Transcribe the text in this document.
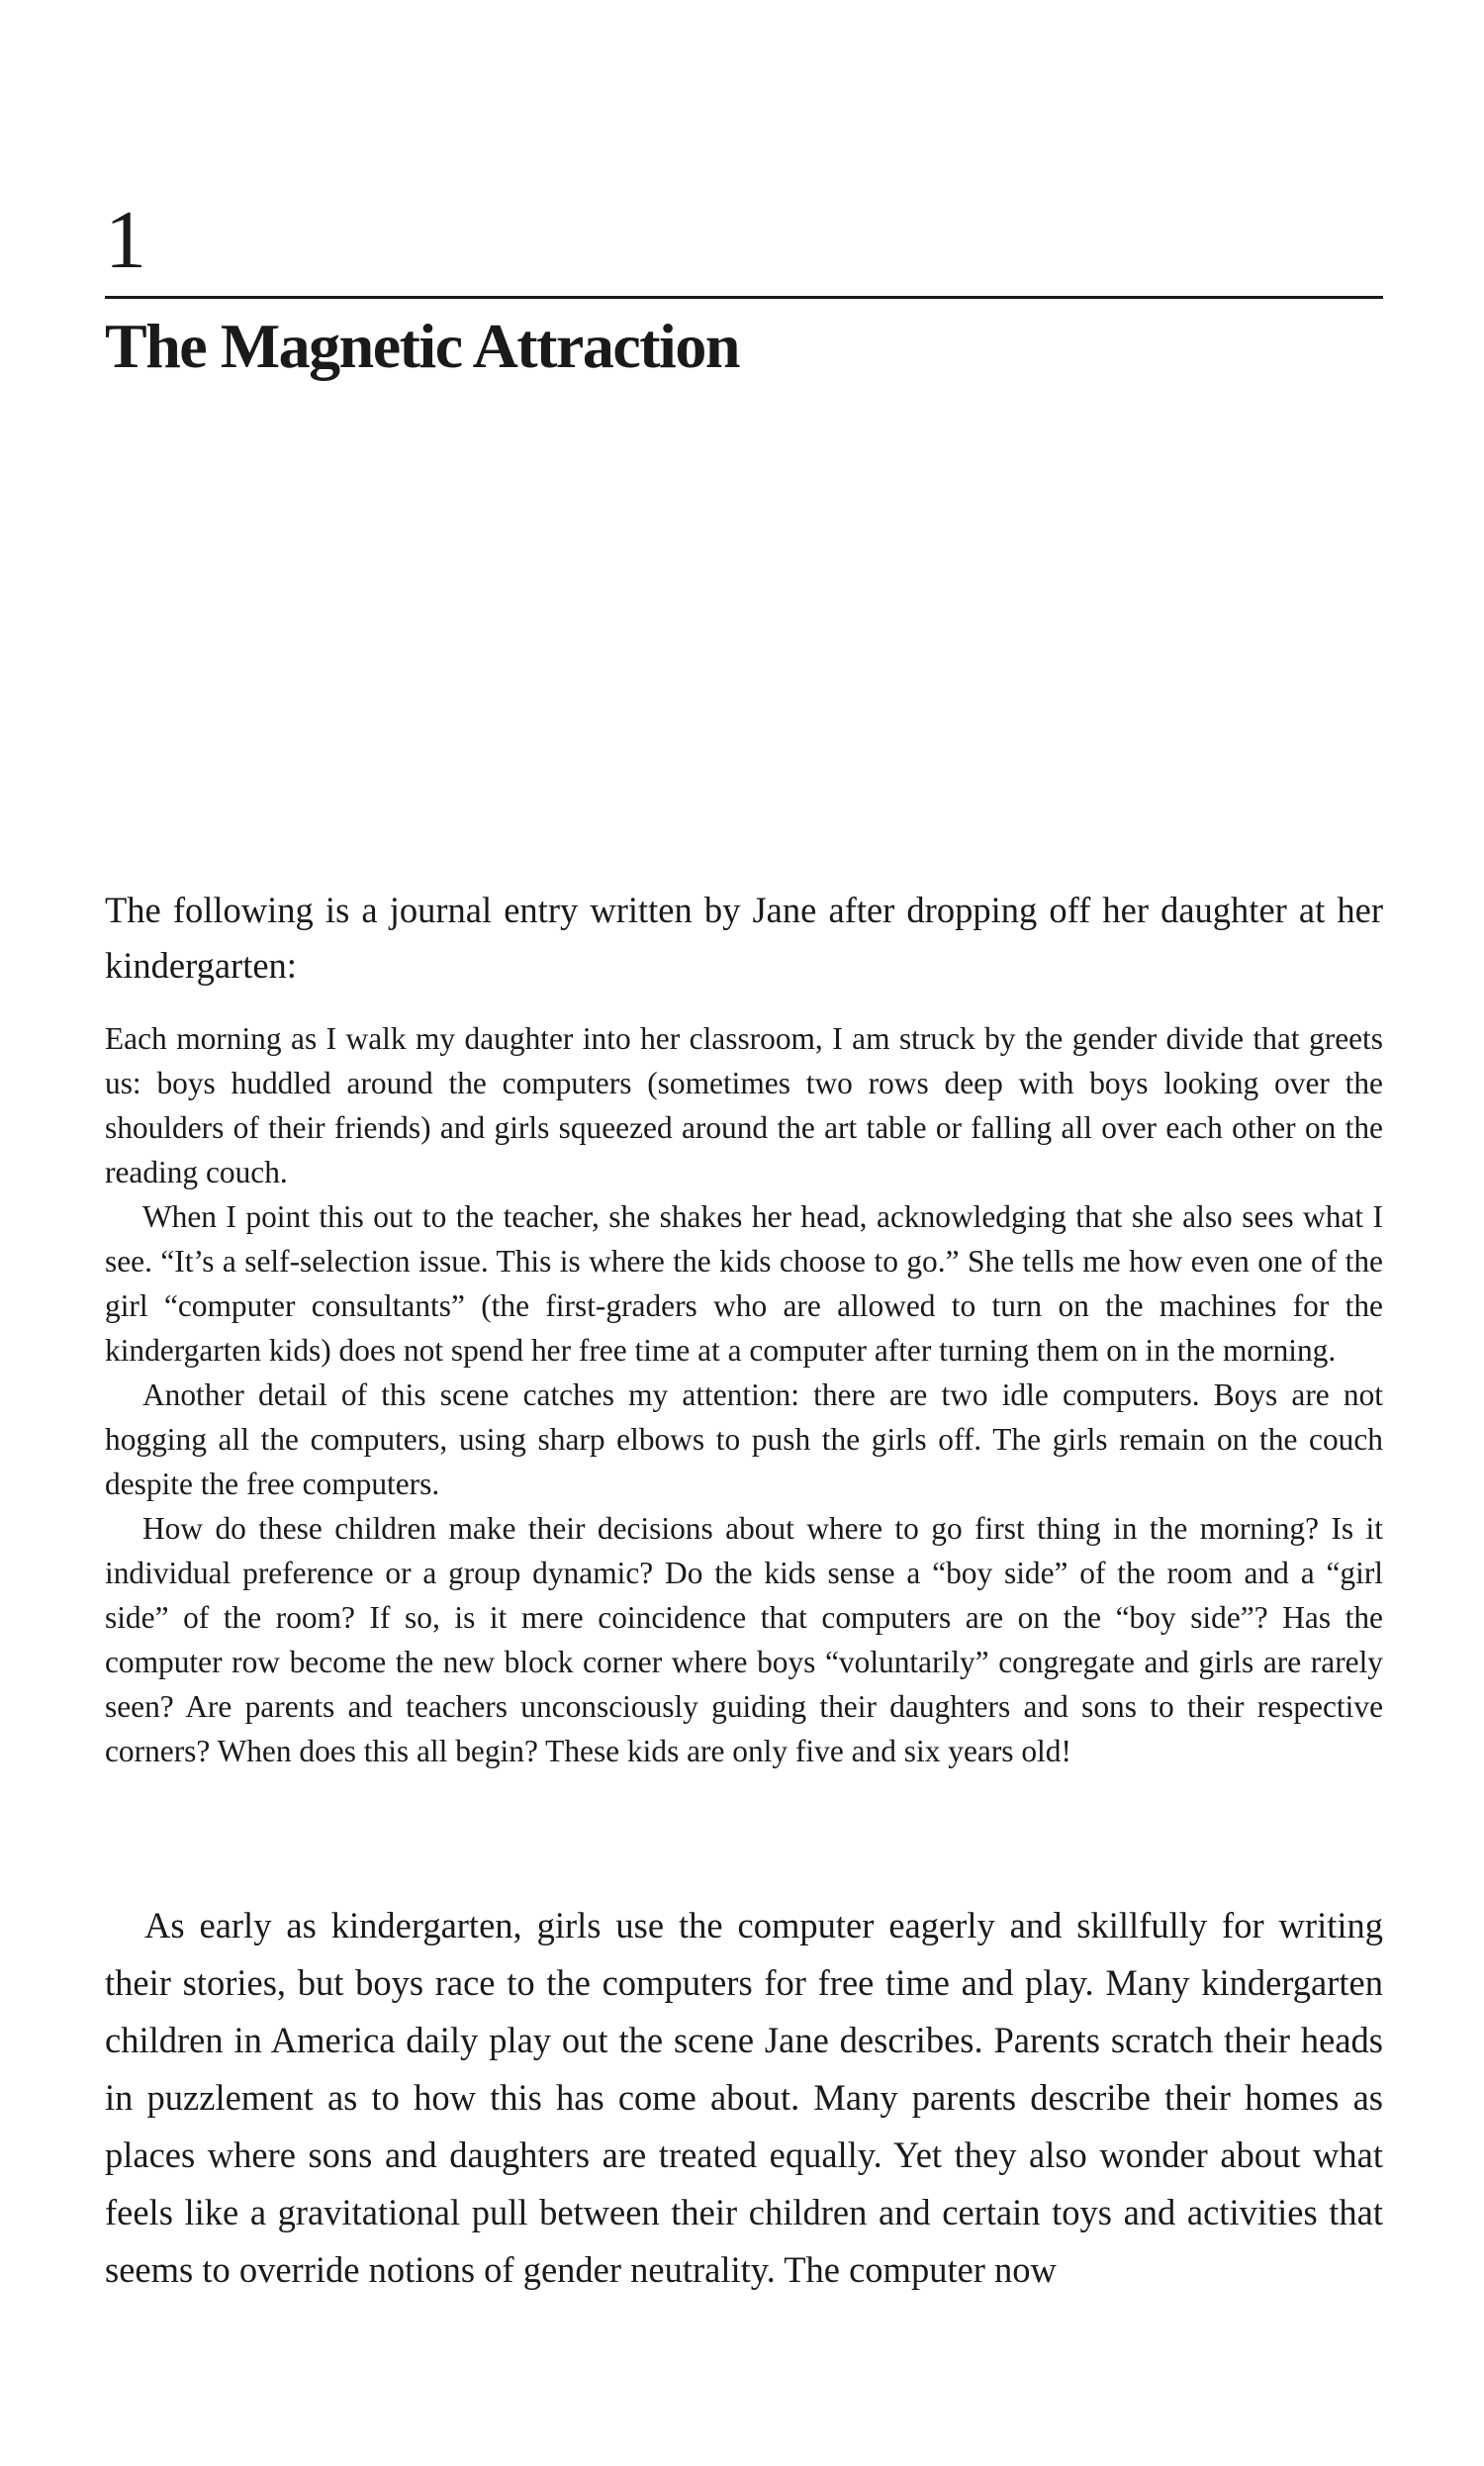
1
The Magnetic Attraction

The following is a journal entry written by Jane after dropping off her daughter at her kindergarten:

Each morning as I walk my daughter into her classroom, I am struck by the gender divide that greets us: boys huddled around the computers (sometimes two rows deep with boys looking over the shoulders of their friends) and girls squeezed around the art table or falling all over each other on the reading couch.

When I point this out to the teacher, she shakes her head, acknowledging that she also sees what I see. “It’s a self-selection issue. This is where the kids choose to go.” She tells me how even one of the girl “computer consultants” (the first-graders who are allowed to turn on the machines for the kindergarten kids) does not spend her free time at a computer after turning them on in the morning.

Another detail of this scene catches my attention: there are two idle computers. Boys are not hogging all the computers, using sharp elbows to push the girls off. The girls remain on the couch despite the free computers.

How do these children make their decisions about where to go first thing in the morning? Is it individual preference or a group dynamic? Do the kids sense a “boy side” of the room and a “girl side” of the room? If so, is it mere coincidence that computers are on the “boy side”? Has the computer row become the new block corner where boys “voluntarily” congregate and girls are rarely seen? Are parents and teachers unconsciously guiding their daughters and sons to their respective corners? When does this all begin? These kids are only five and six years old!

As early as kindergarten, girls use the computer eagerly and skillfully for writing their stories, but boys race to the computers for free time and play. Many kindergarten children in America daily play out the scene Jane describes. Parents scratch their heads in puzzlement as to how this has come about. Many parents describe their homes as places where sons and daughters are treated equally. Yet they also wonder about what feels like a gravitational pull between their children and certain toys and activities that seems to override notions of gender neutrality. The computer now
